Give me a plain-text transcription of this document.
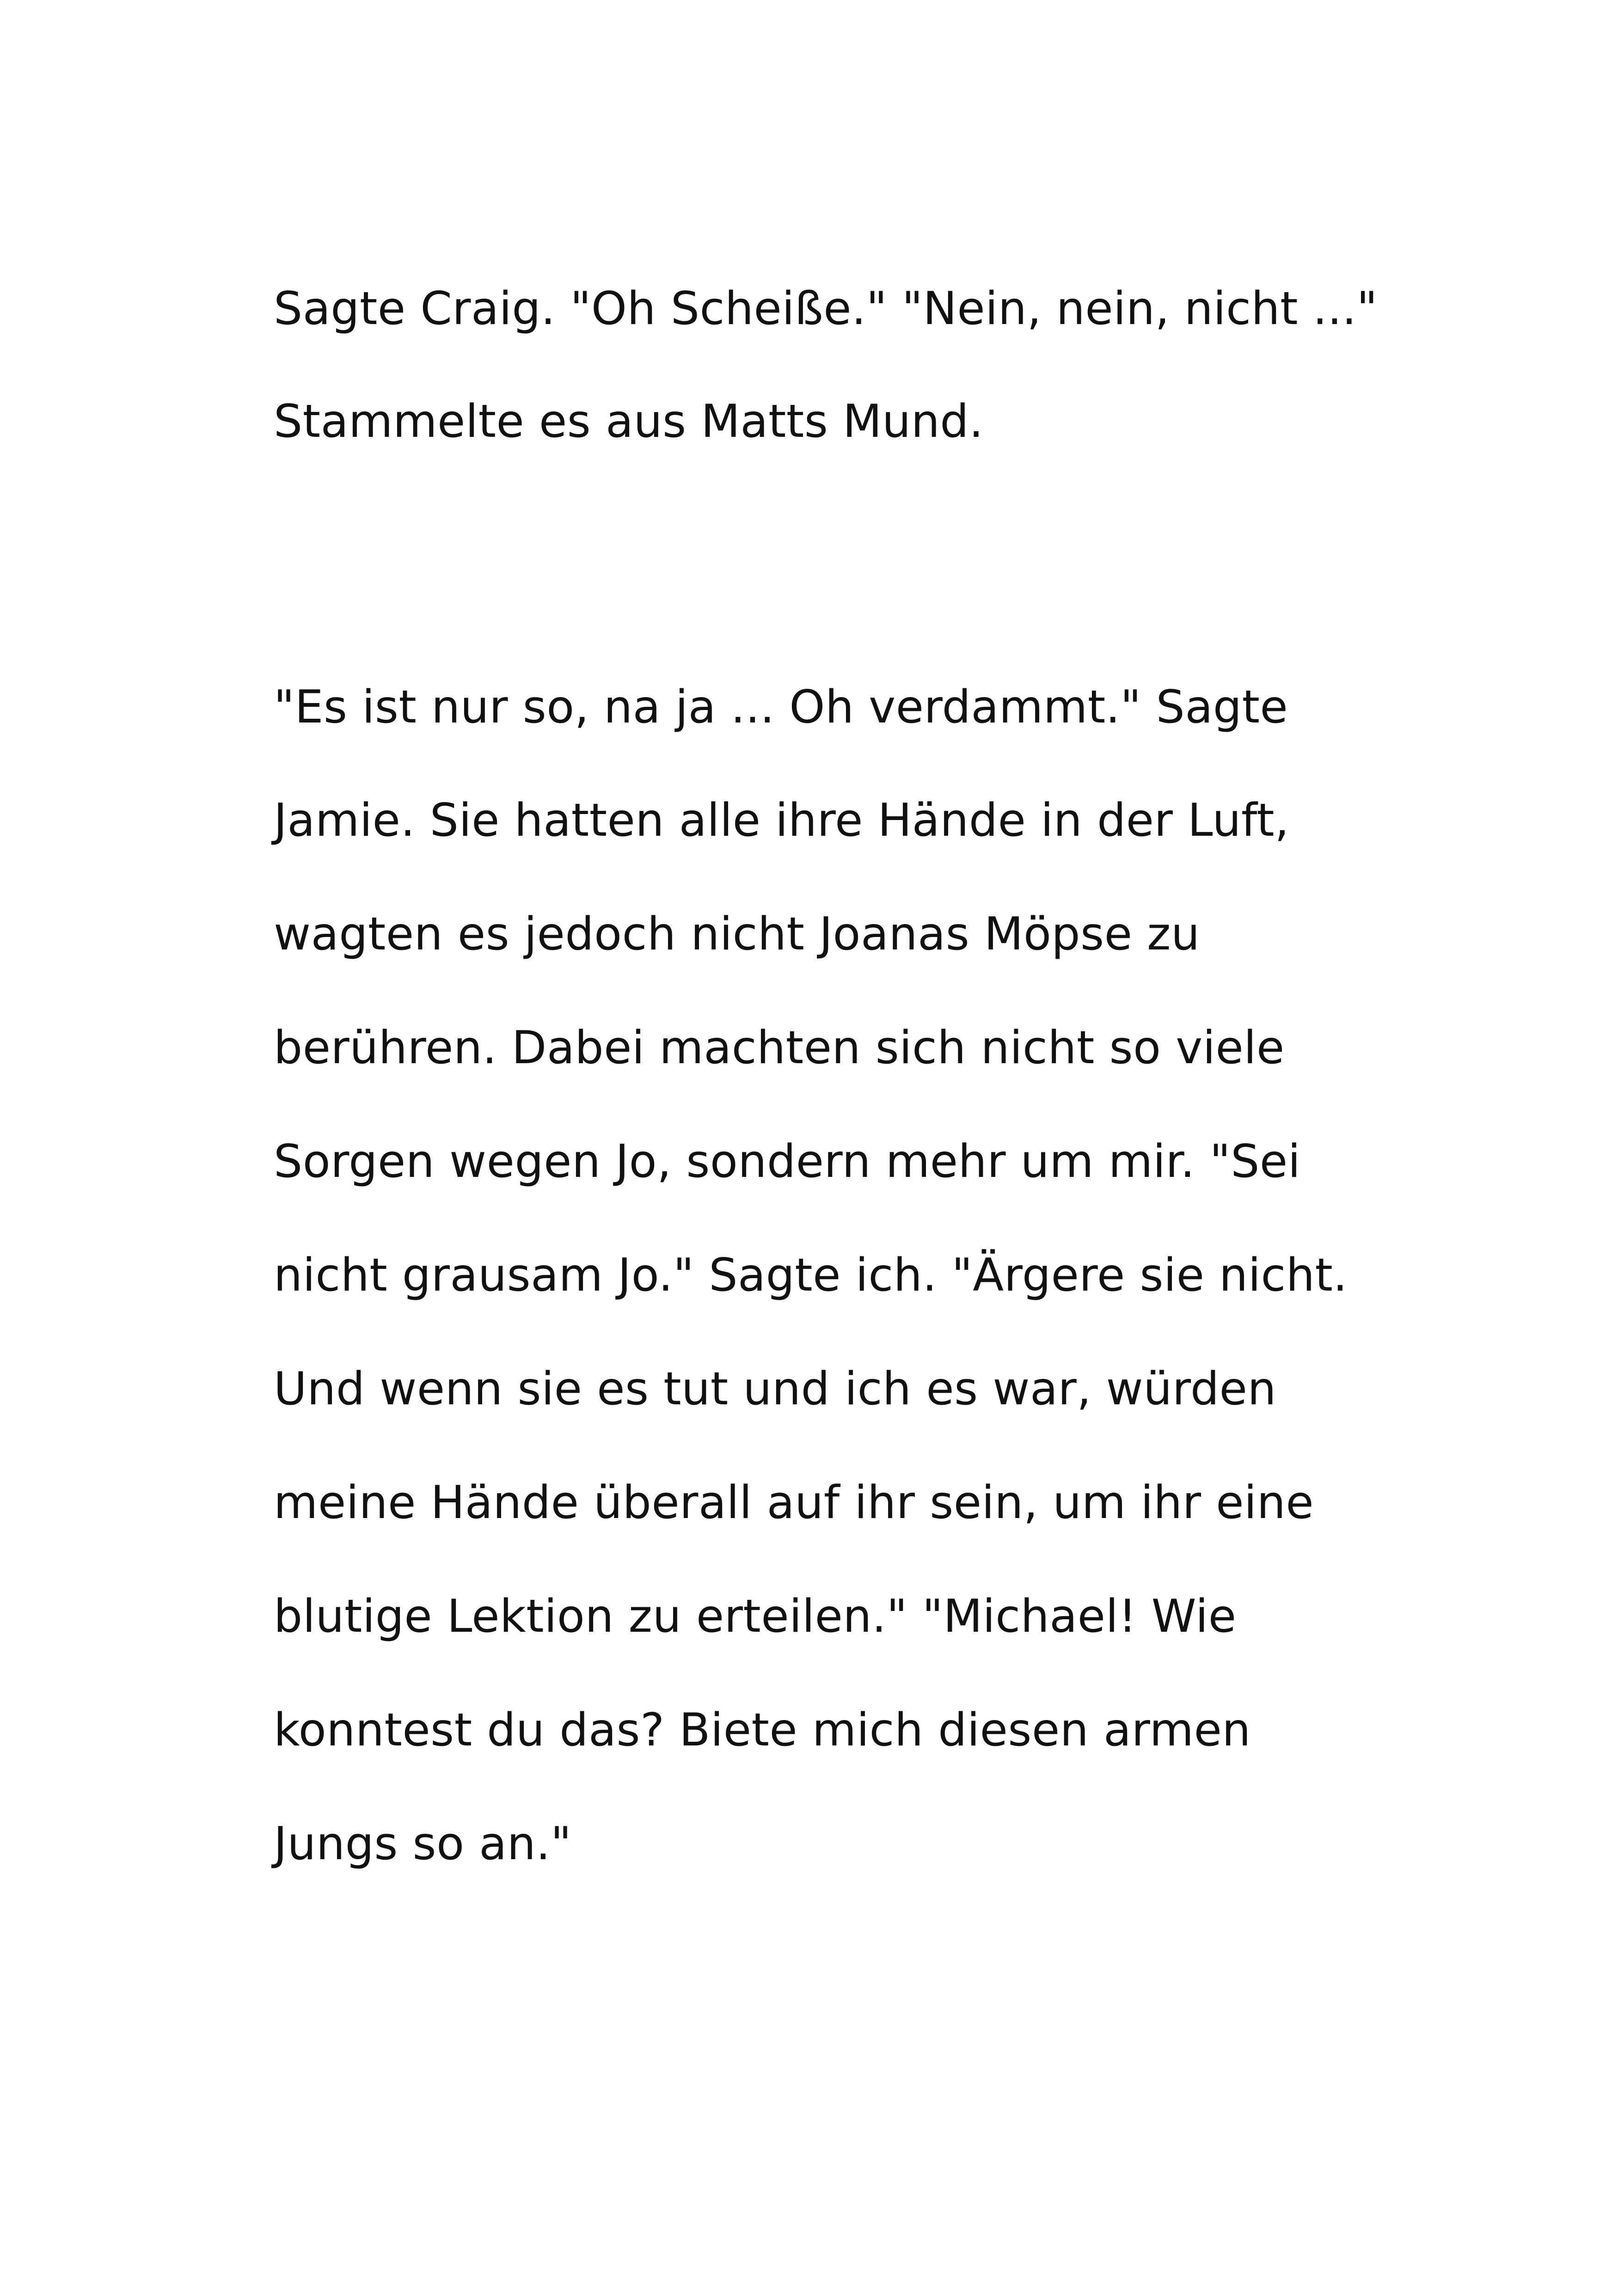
Sagte Craig. "Oh Scheiße." "Nein, nein, nicht ..."

Stammelte es aus Matts Mund.

"Es ist nur so, na ja ... Oh verdammt." Sagte

Jamie. Sie hatten alle ihre Hände in der Luft,

wagten es jedoch nicht Joanas Möpse zu

berühren. Dabei machten sich nicht so viele

Sorgen wegen Jo, sondern mehr um mir. "Sei

nicht grausam Jo." Sagte ich. "Ärgere sie nicht.

Und wenn sie es tut und ich es war, würden

meine Hände überall auf ihr sein, um ihr eine

blutige Lektion zu erteilen." "Michael! Wie

konntest du das? Biete mich diesen armen

Jungs so an."
